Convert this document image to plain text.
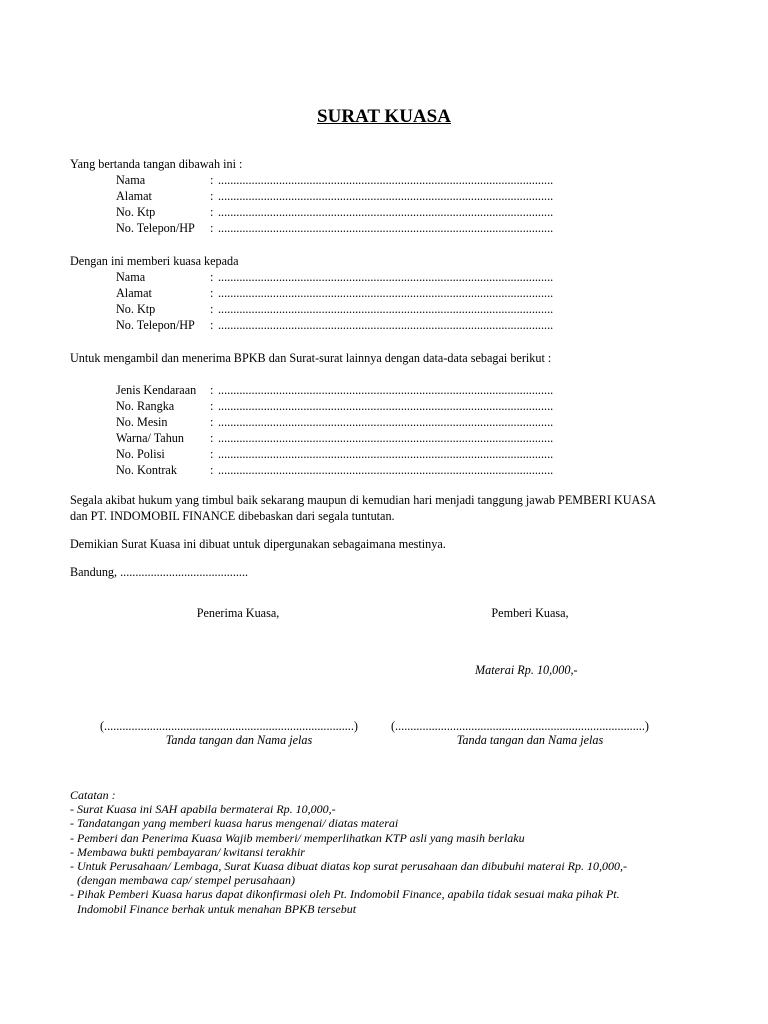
SURAT KUASA
Yang bertanda tangan dibawah ini :
Nama	: ..............................................................................................................
Alamat	: ..............................................................................................................
No. Ktp	: ..............................................................................................................
No. Telepon/HP	: ..............................................................................................................
Dengan ini memberi kuasa kepada
Nama	: ..............................................................................................................
Alamat	: ..............................................................................................................
No. Ktp	: ..............................................................................................................
No. Telepon/HP	: ..............................................................................................................
Untuk mengambil dan menerima BPKB dan Surat-surat lainnya dengan data-data sebagai berikut :
Jenis Kendaraan	: ..............................................................................................................
No. Rangka	: ..............................................................................................................
No. Mesin	: ..............................................................................................................
Warna/ Tahun	: ..............................................................................................................
No. Polisi	: ..............................................................................................................
No. Kontrak	: ..............................................................................................................
Segala akibat hukum yang timbul baik sekarang maupun di kemudian hari menjadi tanggung jawab PEMBERI KUASA
dan PT. INDOMOBIL FINANCE dibebaskan dari segala tuntutan.
Demikian Surat Kuasa ini dibuat untuk dipergunakan sebagaimana mestinya.
Bandung, ..........................................
Penerima Kuasa,	Pemberi Kuasa,
Materai Rp. 10,000,-
(..................................................................................)	(..................................................................................)
Tanda tangan dan Nama jelas	Tanda tangan dan Nama jelas
Catatan :
- Surat Kuasa ini SAH apabila bermaterai Rp. 10,000,-
- Tandatangan yang memberi kuasa harus mengenai/ diatas materai
- Pemberi dan Penerima Kuasa Wajib memberi/ memperlihatkan KTP asli yang masih berlaku
- Membawa bukti pembayaran/ kwitansi terakhir
- Untuk Perusahaan/ Lembaga, Surat Kuasa dibuat diatas kop surat perusahaan dan dibubuhi materai Rp. 10,000,-
(dengan membawa cap/ stempel perusahaan)
- Pihak Pemberi Kuasa harus dapat dikonfirmasi oleh Pt. Indomobil Finance, apabila tidak sesuai maka pihak Pt.
Indomobil Finance berhak untuk menahan BPKB tersebut
